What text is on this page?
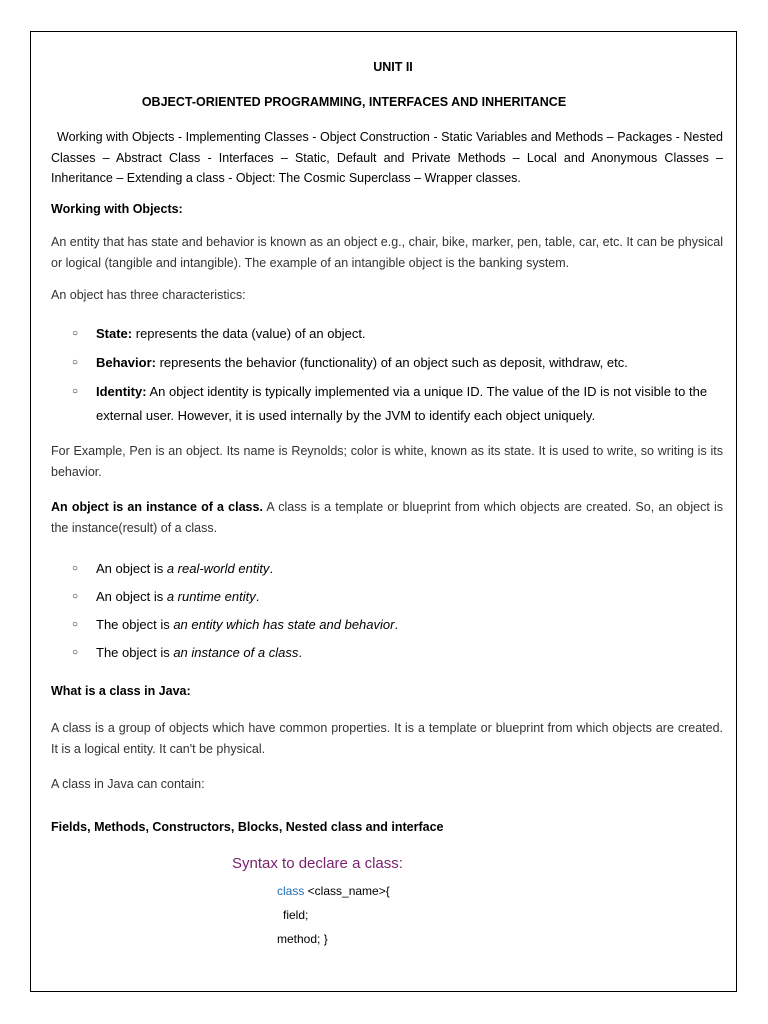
UNIT II
OBJECT-ORIENTED PROGRAMMING, INTERFACES AND INHERITANCE

Working with Objects - Implementing Classes - Object Construction - Static Variables and Methods – Packages - Nested Classes – Abstract Class - Interfaces – Static, Default and Private Methods – Local and Anonymous Classes – Inheritance – Extending a class - Object: The Cosmic Superclass – Wrapper classes.

Working with Objects:

An entity that has state and behavior is known as an object e.g., chair, bike, marker, pen, table, car, etc. It can be physical or logical (tangible and intangible). The example of an intangible object is the banking system.

An object has three characteristics:

○ State: represents the data (value) of an object.
○ Behavior: represents the behavior (functionality) of an object such as deposit, withdraw, etc.
○ Identity: An object identity is typically implemented via a unique ID. The value of the ID is not visible to the external user. However, it is used internally by the JVM to identify each object uniquely.

For Example, Pen is an object. Its name is Reynolds; color is white, known as its state. It is used to write, so writing is its behavior.

An object is an instance of a class. A class is a template or blueprint from which objects are created. So, an object is the instance(result) of a class.

○ An object is a real-world entity.
○ An object is a runtime entity.
○ The object is an entity which has state and behavior.
○ The object is an instance of a class.
What is a class in Java:

A class is a group of objects which have common properties. It is a template or blueprint from which objects are created. It is a logical entity. It can't be physical.

A class in Java can contain:

Fields, Methods, Constructors, Blocks, Nested class and interface
Syntax to declare a class:
class <class_name>{
field;
method; }
